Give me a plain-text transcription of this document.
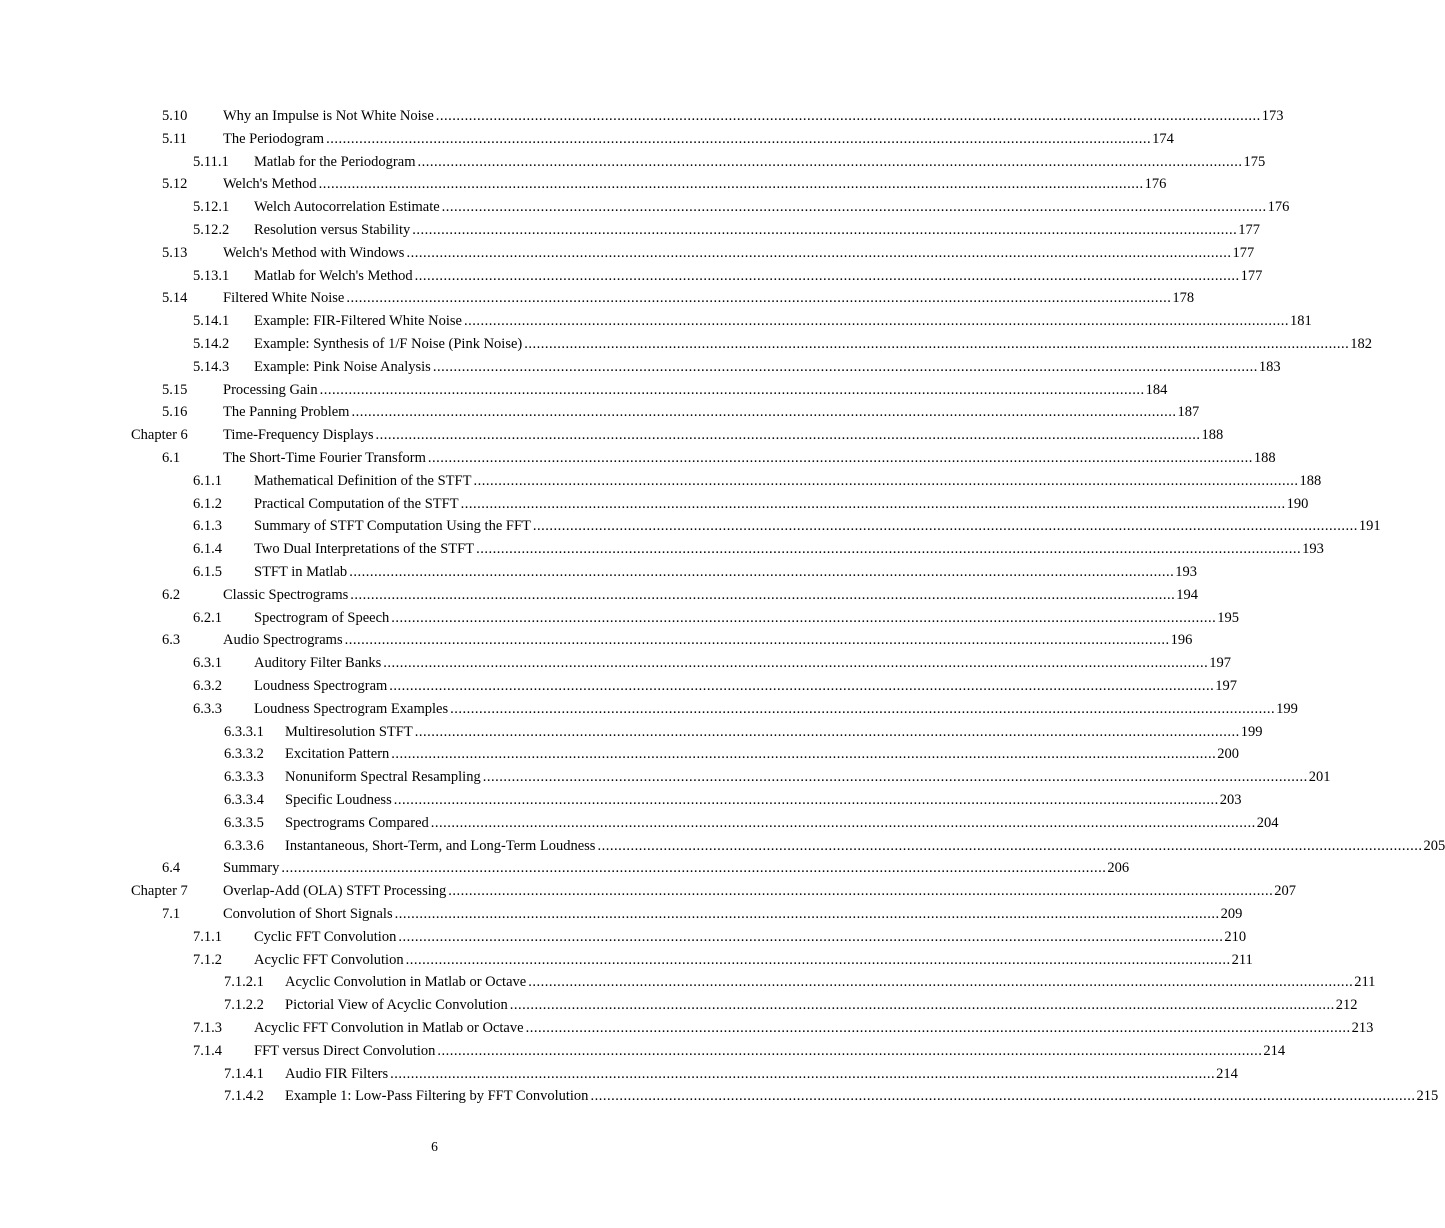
5.10 Why an Impulse is Not White Noise ........................................................................................................................................................................................................ 173
5.11 The Periodogram ........................................................................................................................................................................................................ 174
5.11.1 Matlab for the Periodogram ........................................................................................................................................................................................................ 175
5.12 Welch's Method ........................................................................................................................................................................................................ 176
5.12.1 Welch Autocorrelation Estimate ........................................................................................................................................................................................................ 176
5.12.2 Resolution versus Stability ........................................................................................................................................................................................................ 177
5.13 Welch's Method with Windows ........................................................................................................................................................................................................ 177
5.13.1 Matlab for Welch's Method ........................................................................................................................................................................................................ 177
5.14 Filtered White Noise ........................................................................................................................................................................................................ 178
5.14.1 Example: FIR-Filtered White Noise ........................................................................................................................................................................................................ 181
5.14.2 Example: Synthesis of 1/F Noise (Pink Noise) ........................................................................................................................................................................................................ 182
5.14.3 Example: Pink Noise Analysis ........................................................................................................................................................................................................ 183
5.15 Processing Gain ........................................................................................................................................................................................................ 184
5.16 The Panning Problem ........................................................................................................................................................................................................ 187
Chapter 6 Time-Frequency Displays ........................................................................................................................................................................................................ 188
6.1	The Short-Time Fourier Transform ........................................................................................................................................................................................................ 188
6.1.1 Mathematical Definition of the STFT ........................................................................................................................................................................................................ 188
6.1.2 Practical Computation of the STFT ........................................................................................................................................................................................................ 190
6.1.3 Summary of STFT Computation Using the FFT ........................................................................................................................................................................................................ 191
6.1.4 Two Dual Interpretations of the STFT ........................................................................................................................................................................................................ 193
6.1.5 STFT in Matlab ........................................................................................................................................................................................................ 193
6.2	Classic Spectrograms ........................................................................................................................................................................................................ 194
6.2.1 Spectrogram of Speech ........................................................................................................................................................................................................ 195
6.3	Audio Spectrograms ........................................................................................................................................................................................................ 196
6.3.1 Auditory Filter Banks ........................................................................................................................................................................................................ 197
6.3.2 Loudness Spectrogram ........................................................................................................................................................................................................ 197
6.3.3 Loudness Spectrogram Examples ........................................................................................................................................................................................................ 199
6.3.3.1 Multiresolution STFT ........................................................................................................................................................................................................ 199
6.3.3.2 Excitation Pattern ........................................................................................................................................................................................................ 200
6.3.3.3 Nonuniform Spectral Resampling ........................................................................................................................................................................................................ 201
6.3.3.4 Specific Loudness ........................................................................................................................................................................................................ 203
6.3.3.5 Spectrograms Compared ........................................................................................................................................................................................................ 204
6.3.3.6 Instantaneous, Short-Term, and Long-Term Loudness ........................................................................................................................................................................................................ 205
6.4	Summary ........................................................................................................................................................................................................ 206
Chapter 7 Overlap-Add (OLA) STFT Processing ........................................................................................................................................................................................................ 207
7.1	Convolution of Short Signals ........................................................................................................................................................................................................ 209
7.1.1 Cyclic FFT Convolution ........................................................................................................................................................................................................ 210
7.1.2 Acyclic FFT Convolution ........................................................................................................................................................................................................ 211
7.1.2.1 Acyclic Convolution in Matlab or Octave ........................................................................................................................................................................................................ 211
7.1.2.2 Pictorial View of Acyclic Convolution ........................................................................................................................................................................................................ 212
7.1.3 Acyclic FFT Convolution in Matlab or Octave ........................................................................................................................................................................................................ 213
7.1.4 FFT versus Direct Convolution ........................................................................................................................................................................................................ 214
7.1.4.1 Audio FIR Filters ........................................................................................................................................................................................................ 214
7.1.4.2 Example 1: Low-Pass Filtering by FFT Convolution ........................................................................................................................................................................................................ 215
6
